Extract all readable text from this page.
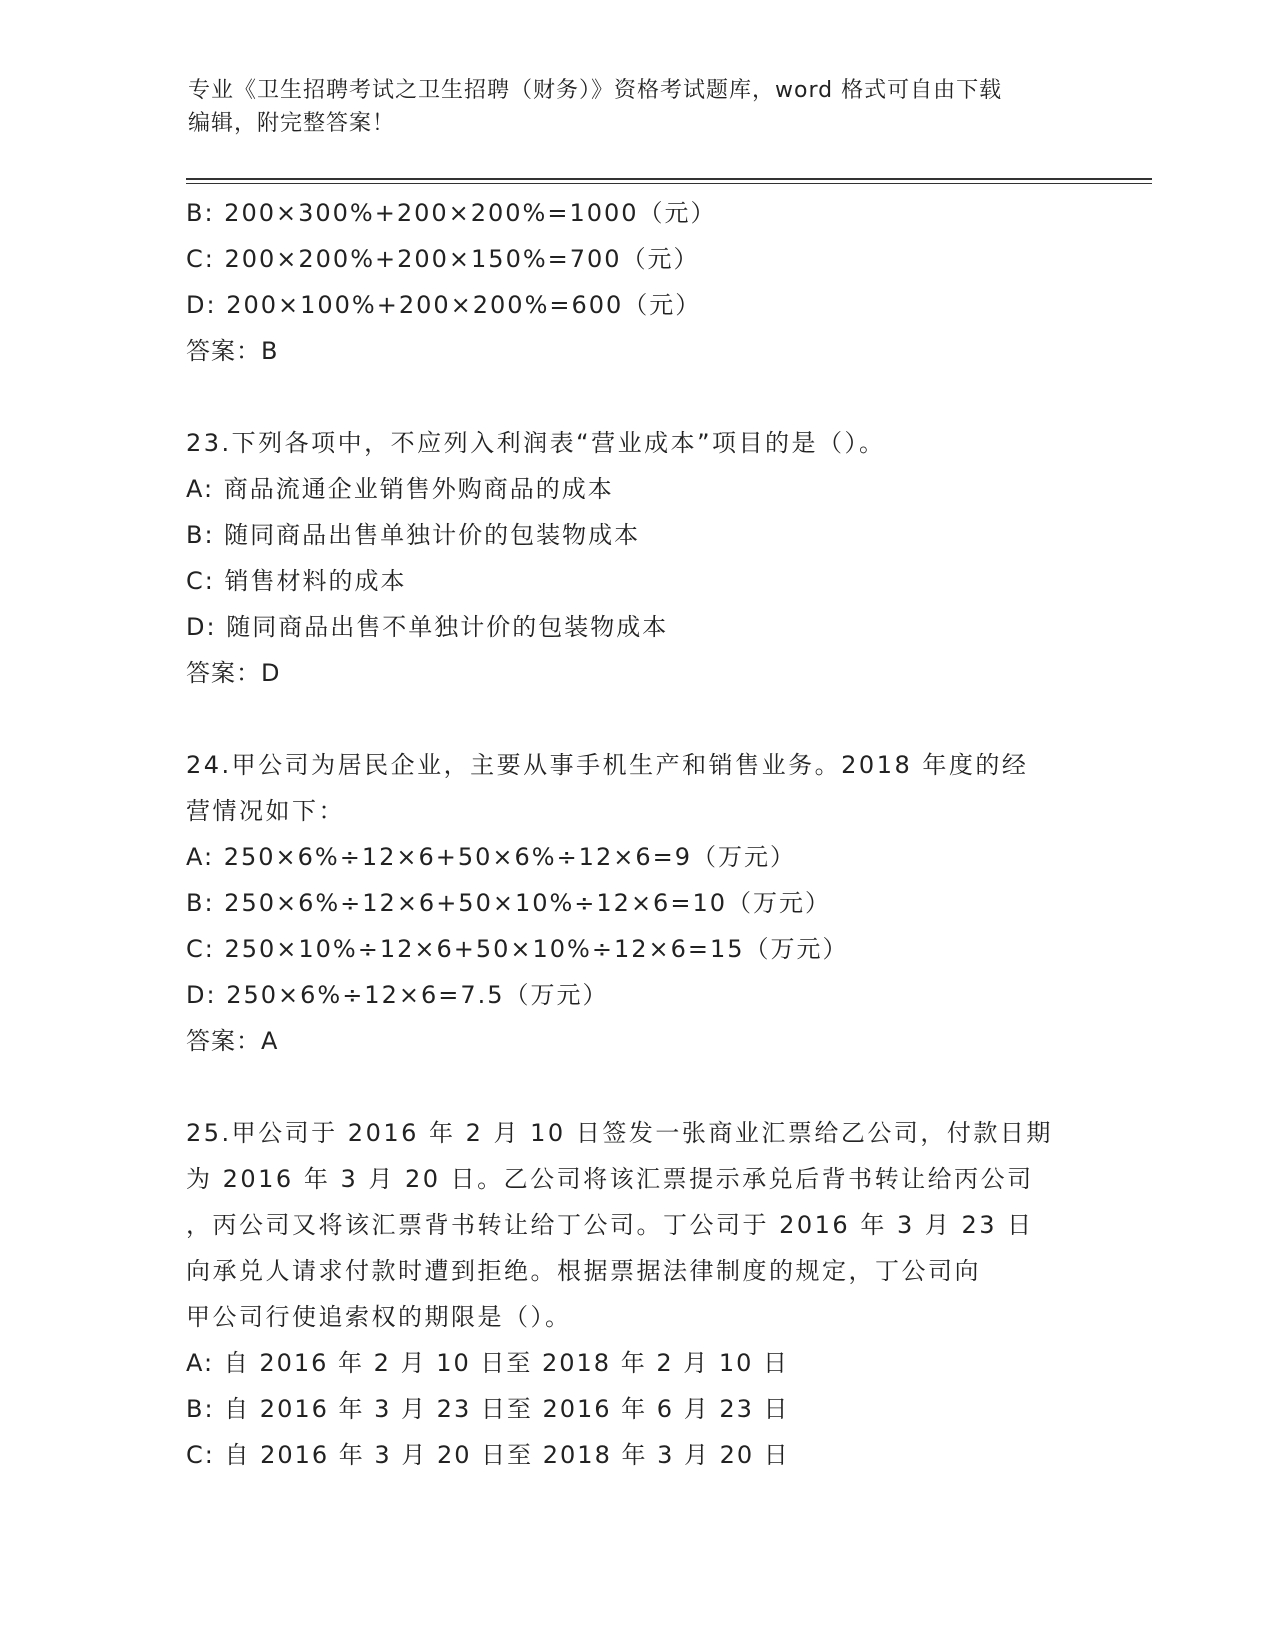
专业《卫生招聘考试之卫生招聘（财务）》资格考试题库，word 格式可自由下载
编辑，附完整答案！
B: 200×300%+200×200%=1000（元）
C: 200×200%+200×150%=700（元）
D: 200×100%+200×200%=600（元）
答案：B
23.下列各项中，不应列入利润表“营业成本”项目的是（）。
A: 商品流通企业销售外购商品的成本
B: 随同商品出售单独计价的包装物成本
C: 销售材料的成本
D: 随同商品出售不单独计价的包装物成本
答案：D
24.甲公司为居民企业，主要从事手机生产和销售业务。2018 年度的经
营情况如下：
A: 250×6%÷12×6+50×6%÷12×6=9（万元）
B: 250×6%÷12×6+50×10%÷12×6=10（万元）
C: 250×10%÷12×6+50×10%÷12×6=15（万元）
D: 250×6%÷12×6=7.5（万元）
答案：A
25.甲公司于 2016 年 2 月 10 日签发一张商业汇票给乙公司，付款日期
为 2016 年 3 月 20 日。乙公司将该汇票提示承兑后背书转让给丙公司
，丙公司又将该汇票背书转让给丁公司。丁公司于 2016 年 3 月 23 日
向承兑人请求付款时遭到拒绝。根据票据法律制度的规定，丁公司向
甲公司行使追索权的期限是（）。
A: 自 2016 年 2 月 10 日至 2018 年 2 月 10 日
B: 自 2016 年 3 月 23 日至 2016 年 6 月 23 日
C: 自 2016 年 3 月 20 日至 2018 年 3 月 20 日
